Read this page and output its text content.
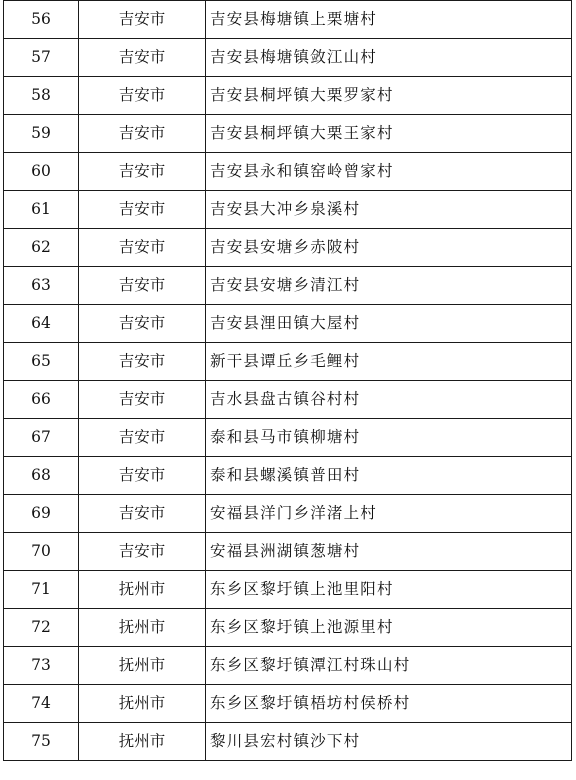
56	吉安市	吉安县梅塘镇上栗塘村
57	吉安市	吉安县梅塘镇敛江山村
58	吉安市	吉安县桐坪镇大栗罗家村
59	吉安市	吉安县桐坪镇大栗王家村
60	吉安市	吉安县永和镇窑岭曾家村
61	吉安市	吉安县大冲乡泉溪村
62	吉安市	吉安县安塘乡赤陂村
63	吉安市	吉安县安塘乡清江村
64	吉安市	吉安县浬田镇大屋村
65	吉安市	新干县谭丘乡毛鲤村
66	吉安市	吉水县盘古镇谷村村
67	吉安市	泰和县马市镇柳塘村
68	吉安市	泰和县螺溪镇普田村
69	吉安市	安福县洋门乡洋渚上村
70	吉安市	安福县洲湖镇葱塘村
71	抚州市	东乡区黎圩镇上池里阳村
72	抚州市	东乡区黎圩镇上池源里村
73	抚州市	东乡区黎圩镇潭江村珠山村
74	抚州市	东乡区黎圩镇梧坊村侯桥村
75	抚州市	黎川县宏村镇沙下村
